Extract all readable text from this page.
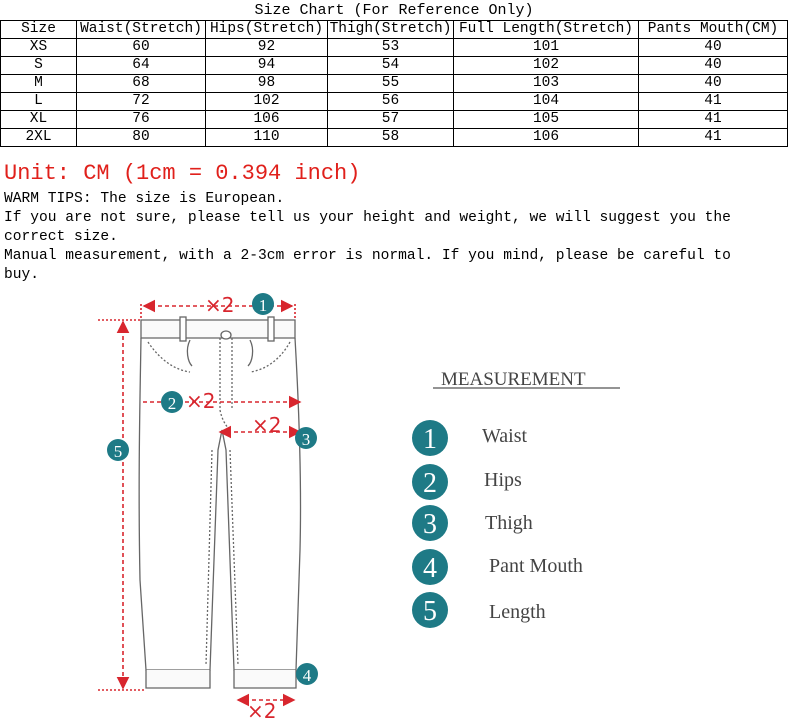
Size Chart (For Reference Only)
Size	Waist(Stretch)	Hips(Stretch)	Thigh(Stretch)	Full Length(Stretch)	Pants Mouth(CM)
XS	60	92	53	101	40
S	64	94	54	102	40
M	68	98	55	103	40
L	72	102	56	104	41
XL	76	106	57	105	41
2XL	80	110	58	106	41
Unit: CM (1cm = 0.394 inch)
WARM TIPS: The size is European.
If you are not sure, please tell us your height and weight, we will suggest you the
correct size.
Manual measurement, with a 2-3cm error is normal. If you mind, please be careful to
buy.
×2
×2
×2
×2
1
2
3
4
5
MEASUREMENT
1 Waist
2 Hips
3 Thigh
4	Pant Mouth
5	Length
